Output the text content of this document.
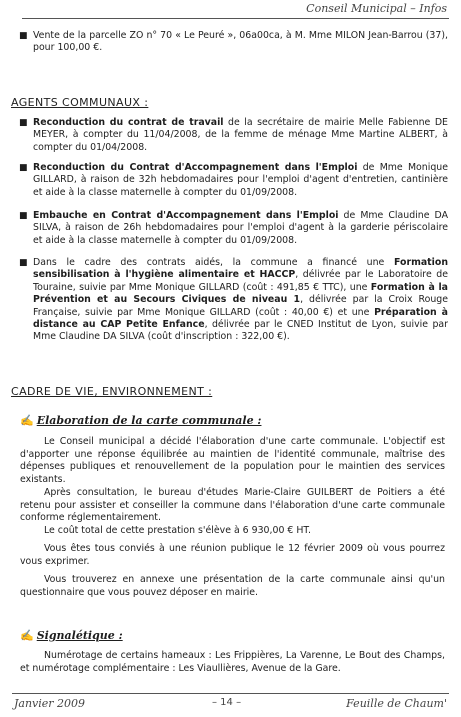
Conseil Municipal – Infos
■ Vente de la parcelle ZO n° 70 « Le Peuré », 06a00ca, à M. Mme MILON Jean-Barrou (37), pour 100,00 €.
AGENTS COMMUNAUX :
■ Reconduction du contrat de travail de la secrétaire de mairie Melle Fabienne DE MEYER, à compter du 11/04/2008, de la femme de ménage Mme Martine ALBERT, à compter du 01/04/2008.
■ Reconduction du Contrat d'Accompagnement dans l'Emploi de Mme Monique GILLARD, à raison de 32h hebdomadaires pour l'emploi d'agent d'entretien, cantinière et aide à la classe maternelle à compter du 01/09/2008.
■ Embauche en Contrat d'Accompagnement dans l'Emploi de Mme Claudine DA SILVA, à raison de 26h hebdomadaires pour l'emploi d'agent à la garderie périscolaire et aide à la classe maternelle à compter du 01/09/2008.
■ Dans le cadre des contrats aidés, la commune a financé une Formation sensibilisation à l'hygiène alimentaire et HACCP, délivrée par le Laboratoire de Touraine, suivie par Mme Monique GILLARD (coût : 491,85 € TTC), une Formation à la Prévention et au Secours Civiques de niveau 1, délivrée par la Croix Rouge Française, suivie par Mme Monique GILLARD (coût : 40,00 €) et une Préparation à distance au CAP Petite Enfance, délivrée par le CNED Institut de Lyon, suivie par Mme Claudine DA SILVA (coût d'inscription : 322,00 €).
CADRE DE VIE, ENVIRONNEMENT :
✍ Elaboration de la carte communale :
Le Conseil municipal a décidé l'élaboration d'une carte communale. L'objectif est d'apporter une réponse équilibrée au maintien de l'identité communale, maîtrise des dépenses publiques et renouvellement de la population pour le maintien des services existants.
Après consultation, le bureau d'études Marie-Claire GUILBERT de Poitiers a été retenu pour assister et conseiller la commune dans l'élaboration d'une carte communale conforme réglementairement.
Le coût total de cette prestation s'élève à 6 930,00 € HT.
Vous êtes tous conviés à une réunion publique le 12 février 2009 où vous pourrez vous exprimer.
Vous trouverez en annexe une présentation de la carte communale ainsi qu'un questionnaire que vous pouvez déposer en mairie.
✍ Signalétique :
Numérotage de certains hameaux : Les Frippières, La Varenne, Le Bout des Champs, et numérotage complémentaire : Les Viaullières, Avenue de la Gare.
Janvier 2009	– 14 –	Feuille de Chaum'
